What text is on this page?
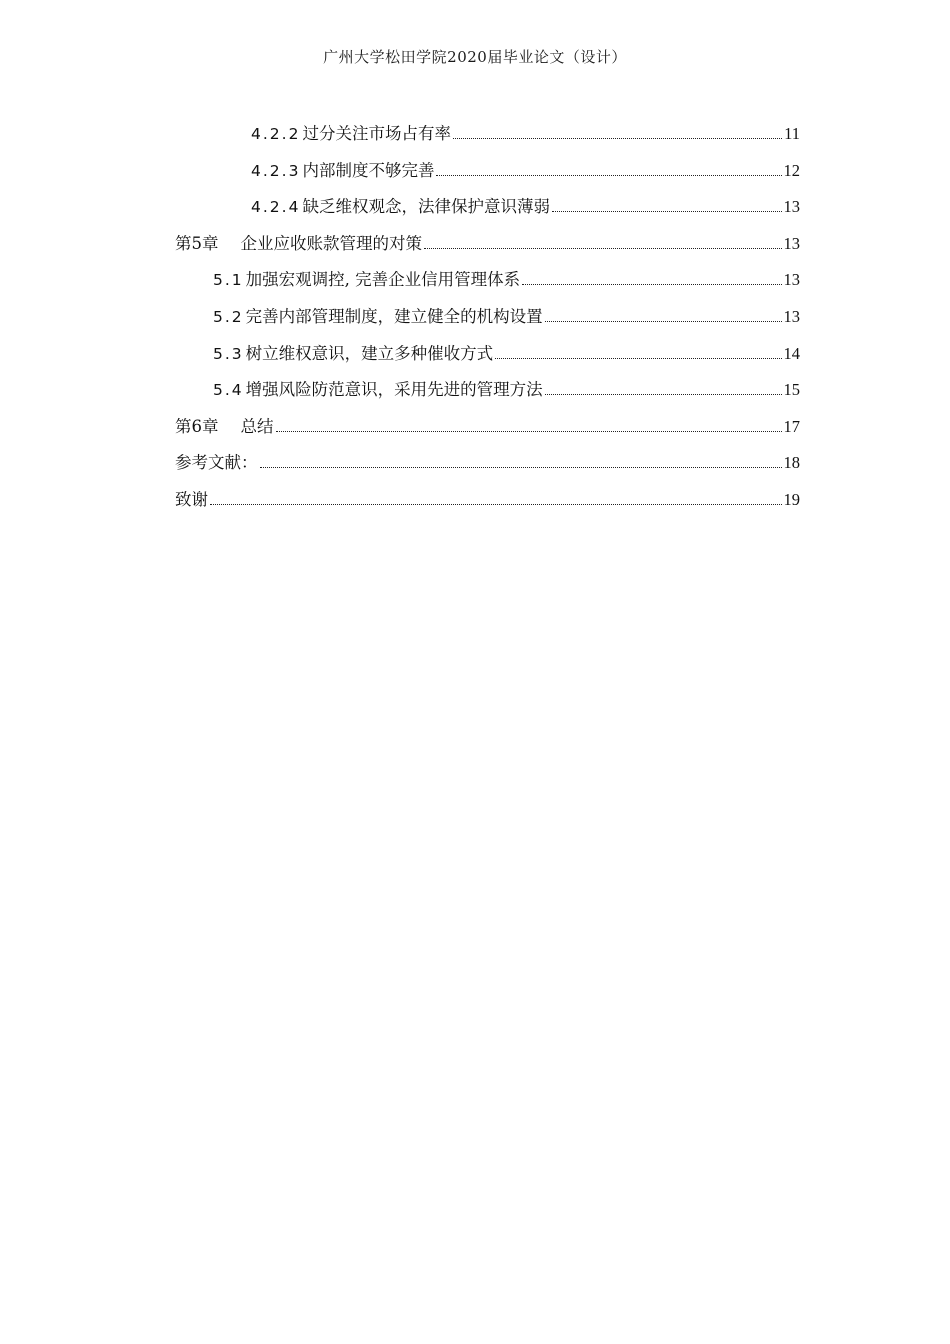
广州大学松田学院2020届毕业论文（设计）
4.2.2 过分关注市场占有率	11
4.2.3 内部制度不够完善	12
4.2.4 缺乏维权观念，法律保护意识薄弱	13
第5章 企业应收账款管理的对策	13
5.1 加强宏观调控, 完善企业信用管理体系	13
5.2 完善内部管理制度，建立健全的机构设置	13
5.3 树立维权意识，建立多种催收方式	14
5.4 增强风险防范意识，采用先进的管理方法	15
第6章 总结	17
参考文献：	18
致谢	19
